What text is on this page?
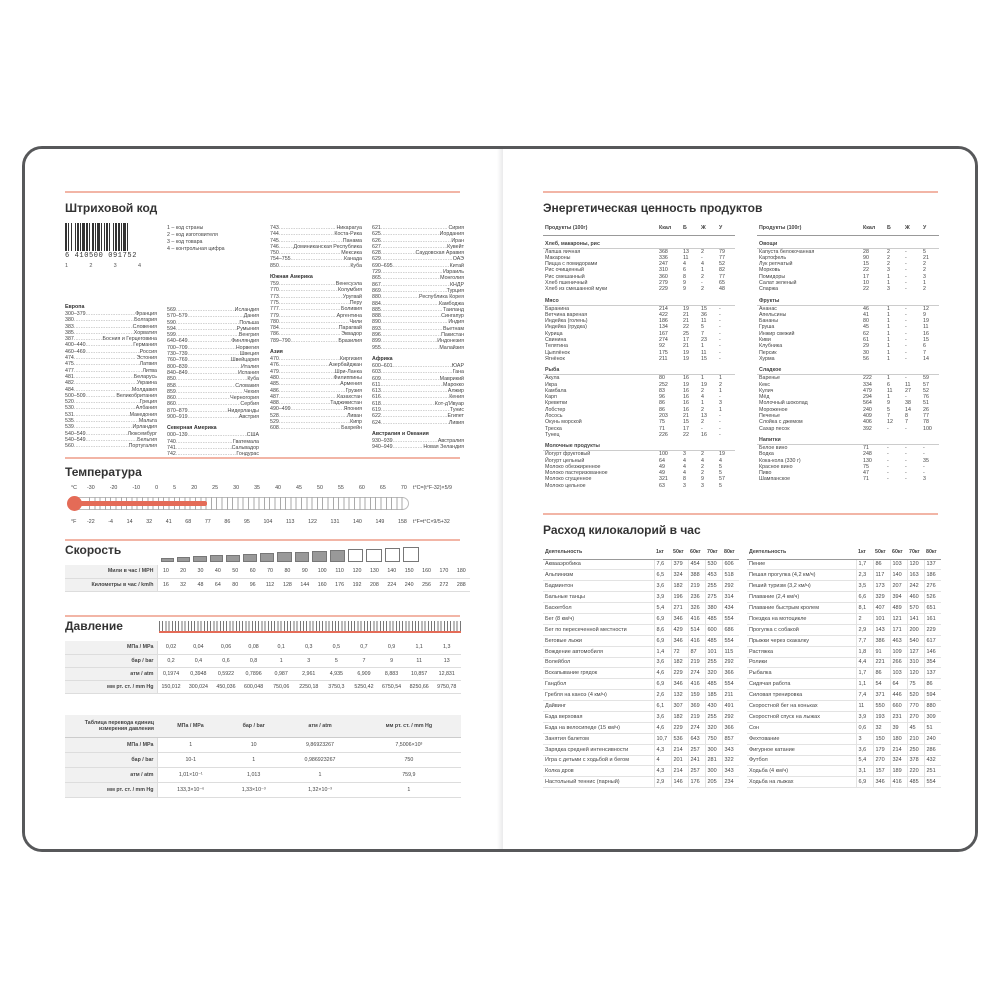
Штриховой код
6 410500 091752
1	2	3	4
1 – код страны
2 – код изготовителя
3 – код товара
4 – контрольная цифра
Европа
300–379 .....	Франция
380 .....	Болгария
383 .....	Словения
385 .....	Хорватия
387 .....	Босния и Герцеговина
400–440 .....	Германия
460–469 .....	Россия
474 .....	Эстония
475 .....	Латвия
477 .....	Литва
481 .....	Беларусь
482 .....	Украина
484 .....	Молдавия
500–509 .....	Великобритания
520 .....	Греция
530 .....	Албания
531 .....	Македония
535 .....	Мальта
539 .....	Ирландия
540–549 .....	Люксембург
540–549 .....	Бельгия
560 .....	Португалия
569 .....	Исландия
570–579 .....	Дания
590 .....	Польша
594 .....	Румыния
599 .....	Венгрия
640–649 .....	Финляндия
700–709 .....	Норвегия
730–739 .....	Швеция
760–769 .....	Швейцария
800–839 .....	Италия
840–849 .....	Испания
850 .....	Куба
858 .....	Словакия
859 .....	Чехия
860 .....	Черногория
860 .....	Сербия
870–879 .....	Нидерланды
900–919 .....	Австрия
Северная Америка
000–139 .....	США
740 .....	Гватемала
741 .....	Сальвадор
742 .....	Гондурас
743 .....	Никарагуа
744 .....	Коста-Рика
745 .....	Панама
746 .....	Доминиканская Республика
750 .....	Мексика
754–755 .....	Канада
850 .....	Куба
Южная Америка
759 .....	Венесуэла
770 .....	Колумбия
773 .....	Уругвай
775 .....	Перу
777 .....	Боливия
779 .....	Аргентина
780 .....	Чили
784 .....	Парагвай
786 .....	Эквадор
789–790 .....	Бразилия
Азия
470 .....	Киргизия
476 .....	Азербайджан
479 .....	Шри-Ланка
480 .....	Филиппины
485 .....	Армения
486 .....	Грузия
487 .....	Казахстан
488 .....	Таджикистан
490–499 .....	Япония
528 .....	Ливан
529 .....	Кипр
608 .....	Бахрейн
621 .....	Сирия
625 .....	Иордания
626 .....	Иран
627 .....	Кувейт
628 .....	Саудовская Аравия
629 .....	ОАЭ
690–695 .....	Китай
729 .....	Израиль
865 .....	Монголия
867 .....	КНДР
869 .....	Турция
880 .....	Республика Корея
884 .....	Камбоджа
885 .....	Таиланд
888 .....	Сингапур
890 .....	Индия
893 .....	Вьетнам
896 .....	Пакистан
899 .....	Индонезия
955 .....	Малайзия
Африка
600–601 .....	ЮАР
603 .....	Гана
609 .....	Маврикий
611 .....	Марокко
613 .....	Алжир
616 .....	Кения
618 .....	Кот-д'Ивуар
619 .....	Тунис
622 .....	Египет
624 .....	Ливия
Австралия и Океания
930–939 .....	Австралия
940–949 .....	Новая Зеландия
Температура
°С
°F
-30	-20	-10	0	5	20	25	30	35	40	45	50	55	60	65	70
-22	-4	14	32	41	68	77	86	95	104	113	122	131	140	149	158
t°C=(t°F-32)×5/9
t°F=t°C×9/5+32
Скорость
Мили в час / MPH	10	20	30	40	50	60	70	80	90	100	110	120	130	140	150	160	170	180
Километры в час / km/h	16	32	48	64	80	96	112	128	144	160	176	192	208	224	240	256	272	288
Давление
МПа / MPa	0,02	0,04	0,06	0,08	0,1	0,3	0,5	0,7	0,9	1,1	1,3
бар / bar	0,2	0,4	0,6	0,8	1	3	5	7	9	11	13
атм / atm	0,1974	0,3948	0,5922	0,7896	0,987	2,961	4,935	6,909	8,883	10,857	12,831
мм рт. ст. / mm Hg	150,012	300,024	450,036	600,048	750,06	2250,18	3750,3	5250,42	6750,54	8250,66	9750,78
Таблица перевода единиц измерения давления	МПа / MPa	бар / bar	атм / atm	мм рт. ст. / mm Hg
МПа / MPa	1	10	9,86923267	7,5006×10³
бар / bar	10-1	1	0,986923267	750
атм / atm	1,01×10⁻¹	1,013	1	759,9
мм рт. ст. / mm Hg	133,3×10⁻⁶	1,33×10⁻³	1,32×10⁻³	1
Энергетическая ценность продуктов
Продукты (100г)	Ккал	Б	Ж	У
Хлеб, макароны, рис				
Лапша яичная	368	13	2	79
Макароны	336	11	-	77
Пицца с помидорами	247	4	4	52
Рис очищенный	310	6	1	82
Рис смешанный	360	8	2	77
Хлеб пшеничный	279	9	-	65
Хлеб из смешанной муки	229	9	2	48
Мясо				
Баранина	214	19	15	-
Ветчина вареная	422	21	36	-
Индейка (голень)	186	21	11	-
Индейка (грудка)	134	22	5	-
Курица	167	25	7	-
Свинина	274	17	23	-
Телятина	92	21	1	-
Цыплёнок	175	19	11	-
Ягнёнок	211	19	15	-
Рыба				
Акула	80	16	1	1
Икра	252	19	19	2
Камбала	83	16	2	1
Карп	96	16	4	-
Креветки	86	16	1	3
Лобстер	86	16	2	1
Лосось	203	21	13	-
Окунь морской	75	15	2	-
Треска	71	17	-	-
Тунец	226	22	16	-
Молочные продукты				
Йогурт фруктовый	100	3	2	19
Йогурт цельный	64	4	4	4
Молоко обезжиренное	49	4	2	5
Молоко пастеризованное	49	4	2	5
Молоко сгущенное	321	8	9	57
Молоко цельное	63	3	3	5
Продукты (100г)	Ккал	Б	Ж	У
Овощи				
Капуста белокочанная	28	2	-	5
Картофель	90	2	-	21
Лук репчатый	15	2	-	2
Морковь	22	3	-	2
Помидоры	17	1	-	3
Салат зеленый	10	1	-	1
Спаржа	22	3	-	2
Фрукты				
Ананас	46	1	-	12
Апельсины	41	1	-	9
Бананы	80	1	-	19
Груша	45	1	-	11
Инжир свежий	62	1	-	16
Киви	61	1	-	15
Клубника	29	1	-	6
Персик	30	1	-	7
Хурма	56	1	-	14
Сладкое				
Варенье	222	1	-	59
Кекс	334	6	11	57
Кулич	479	11	27	52
Мёд	294	1	-	76
Молочный шоколад	564	9	38	51
Мороженое	240	5	14	26
Печенье	409	7	8	77
Слойка с джемом	406	12	7	78
Сахар песок	392	-	-	100
Напитки				
Белое вино	71	-	-	-
Водка	248	-	-	-
Кока-кола (330 г)	130	-	-	35
Красное вино	75	-	-	-
Пиво	47	-	-	-
Шампанское	71	-	-	3
Расход килокалорий в час
Деятельность	1кг	50кг	60кг	70кг	80кг
Аквааэробика	7,6	379	454	530	606
Альпинизм	6,5	324	388	453	518
Бадминтон	3,6	182	219	255	292
Бальные танцы	3,9	196	236	275	314
Баскетбол	5,4	271	326	380	434
Бег (8 км/ч)	6,9	346	416	485	554
Бег по пересеченной местности	8,6	429	514	600	686
Беговые лыжи	6,9	346	416	485	554
Вождение автомобиля	1,4	72	87	101	115
Волейбол	3,6	182	219	255	292
Вскапывание грядок	4,6	229	274	320	366
Гандбол	6,9	346	416	485	554
Гребля на каноэ (4 км/ч)	2,6	132	159	185	211
Дайвинг	6,1	307	369	430	491
Езда верховая	3,6	182	219	255	292
Езда на велосипеде (15 км/ч)	4,6	229	274	320	366
Занятия балетом	10,7	536	643	750	857
Зарядка средней интенсивности	4,3	214	257	300	343
Игра с детьми с ходьбой и бегом	4	201	241	281	322
Колка дров	4,3	214	257	300	343
Настольный теннис (парный)	2,9	146	176	205	234
Деятельность	1кг	50кг	60кг	70кг	80кг
Пение	1,7	86	103	120	137
Пешая прогулка (4,2 км/ч)	2,3	117	140	163	186
Пеший туризм (3,2 км/ч)	3,5	173	207	242	276
Плавание (2,4 км/ч)	6,6	329	394	460	526
Плавание быстрым кролем	8,1	407	489	570	651
Поездка на мотоцикле	2	101	121	141	161
Прогулка с собакой	2,9	143	171	200	229
Прыжки через скакалку	7,7	386	463	540	617
Растяжка	1,8	91	109	127	146
Ролики	4,4	221	266	310	354
Рыбалка	1,7	86	103	120	137
Сидячая работа	1,1	54	64	75	86
Силовая тренировка	7,4	371	446	520	594
Скоростной бег на коньках	11	550	660	770	880
Скоростной спуск на лыжах	3,9	193	231	270	309
Сон	0,6	32	39	45	51
Фехтование	3	150	180	210	240
Фигурное катание	3,6	179	214	250	286
Футбол	5,4	270	324	378	432
Ходьба (4 км/ч)	3,1	157	189	220	251
Ходьба на лыжах	6,9	346	416	485	554
